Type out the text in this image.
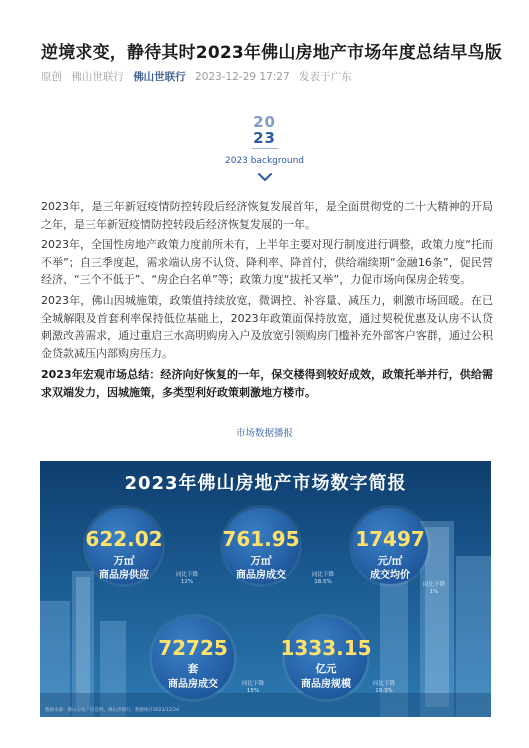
逆境求变，静待其时2023年佛山房地产市场年度总结早鸟版
原创 佛山世联行 佛山世联行 2023-12-29 17:27 发表于广东
20
23
2023 background

2023年，是三年新冠疫情防控转段后经济恢复发展首年，是全面贯彻党的二十大精神的开局之年，是三年新冠疫情防控转段后经济恢复发展的一年。

2023年，全国性房地产政策力度前所未有，上半年主要对现行制度进行调整，政策力度“托而不举”；自三季度起，需求端认房不认贷、降利率、降首付，供给端续期“金融16条”，促民营经济、“三个不低于”、“房企白名单”等；政策力度“拔托又举”，力促市场向保房企转变。

2023年，佛山因城施策，政策值持续放宽，微调控、补容量、减压力，刺激市场回暖。在已全城解限及首套利率保持低位基础上，2023年政策面保持放宽，通过契税优惠及认房不认贷刺激改善需求，通过重启三水高明购房入户及放宽引领购房门槛补充外部客户客群，通过公积金贷款减压内部购房压力。

2023年宏观市场总结：经济向好恢复的一年，保交楼得到较好成效，政策托举并行，供给需求双端发力，因城施策，多类型利好政策刺激地方楼市。

市场数据播报
2023年佛山房地产市场数字简报
622.02
万㎡
商品房供应	同比下降
12%
761.95
万㎡
商品房成交	同比下降
18.5%
17497
元/㎡
成交均价
同比下降
1%
72725
套
商品房成交	同比下降
15%
1333.15
亿元
商品房规模	同比下降
19.3%
数据来源：佛山房地产信息网、佛山世联行、数据统计2023/12/24
